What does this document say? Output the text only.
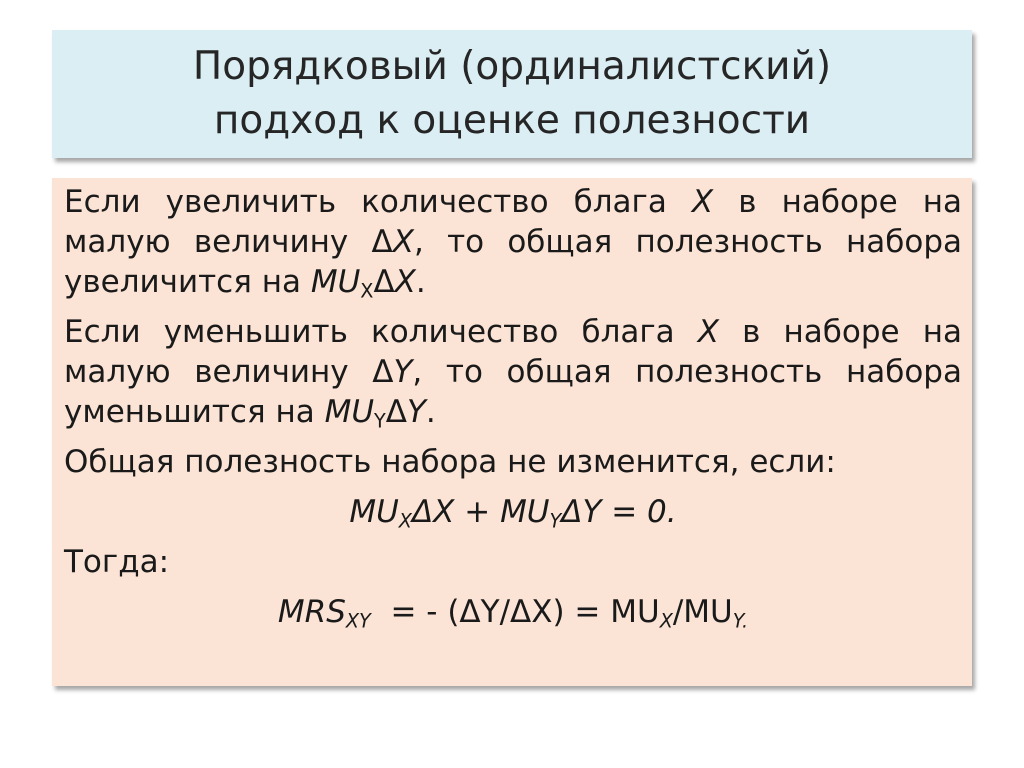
Порядковый (ординалистский)
подход к оценке полезности

Если увеличить количество блага X в наборе на малую величину ΔX, то общая полезность набора увеличится на $MU_X\Delta X$.

Если уменьшить количество блага X в наборе на малую величину ΔY, то общая полезность набора уменьшится на $MU_Y\Delta Y$.

Общая полезность набора не изменится, если:

$MU_X\Delta X + MU_Y\Delta Y = 0$.

Тогда:

$MRS_{XY}$  = - $(\Delta Y/\Delta X) = MU_X/MU_{Y.}$
